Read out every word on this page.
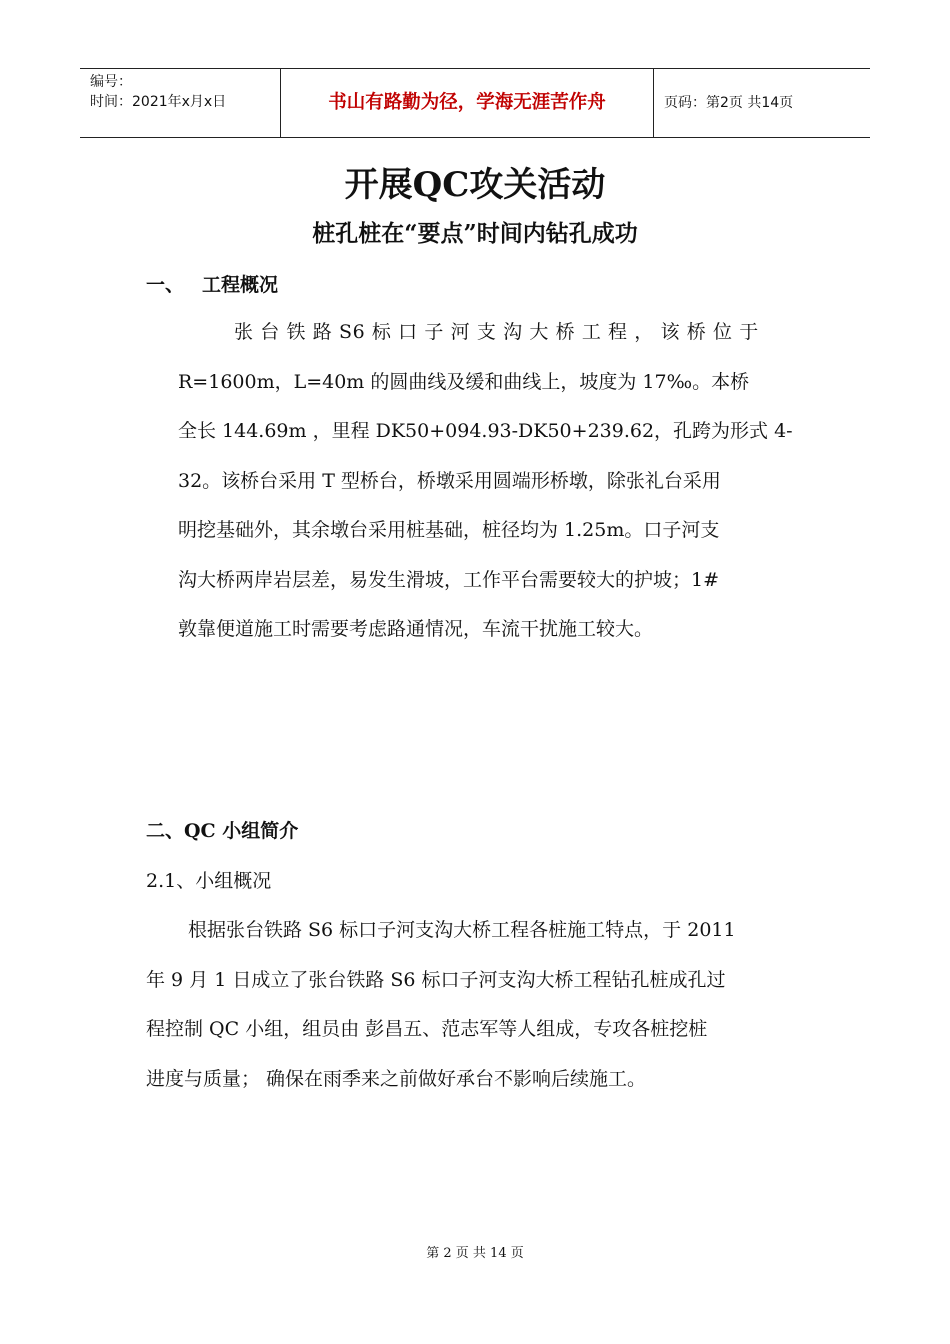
编号：
时间：2021年x月x日	书山有路勤为径，学海无涯苦作舟	页码：第2页 共14页
开展QC攻关活动
桩孔桩在“要点”时间内钻孔成功
一、 工程概况
张 台 铁 路 S6 标 口 子 河 支 沟 大 桥 工 程 ， 该 桥 位 于
R=1600m，L=40m 的圆曲线及缓和曲线上，坡度为 17‰。本桥
全长 144.69m ，里程 DK50+094.93-DK50+239.62，孔跨为形式 4-
32。该桥台采用 T 型桥台，桥墩采用圆端形桥墩，除张礼台采用
明挖基础外，其余墩台采用桩基础，桩径均为 1.25m。口子河支
沟大桥两岸岩层差，易发生滑坡，工作平台需要较大的护坡；1#
敦靠便道施工时需要考虑路通情况，车流干扰施工较大。
二、QC 小组简介
2.1、小组概况
根据张台铁路 S6 标口子河支沟大桥工程各桩施工特点，于 2011
年 9 月 1 日成立了张台铁路 S6 标口子河支沟大桥工程钻孔桩成孔过
程控制 QC 小组，组员由 彭昌五、范志军等人组成，专攻各桩挖桩
进度与质量； 确保在雨季来之前做好承台不影响后续施工。
第 2 页 共 14 页
